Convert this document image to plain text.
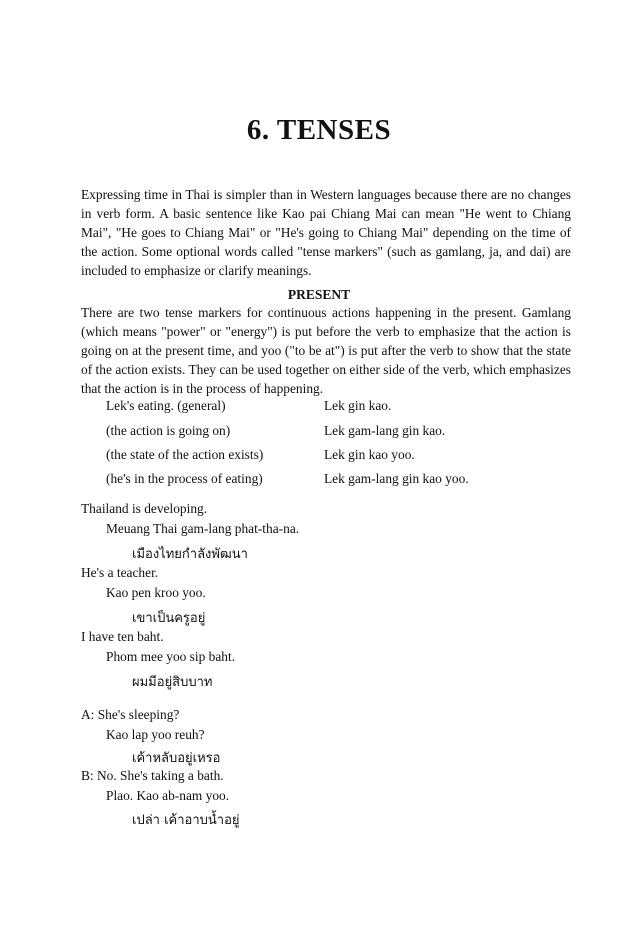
6. TENSES
Expressing time in Thai is simpler than in Western languages because there are no changes in verb form. A basic sentence like Kao pai Chiang Mai can mean "He went to Chiang Mai", "He goes to Chiang Mai" or "He's going to Chiang Mai" depending on the time of the action. Some optional words called "tense markers" (such as gamlang, ja, and dai) are included to emphasize or clarify meanings.
PRESENT
There are two tense markers for continuous actions happening in the present. Gamlang (which means "power" or "energy") is put before the verb to emphasize that the action is going on at the present time, and yoo ("to be at") is put after the verb to show that the state of the action exists. They can be used together on either side of the verb, which emphasizes that the action is in the process of happening.
Lek's eating. (general)	Lek gin kao.
(the action is going on)	Lek gam-lang gin kao.
(the state of the action exists)	Lek gin kao yoo.
(he's in the process of eating)	Lek gam-lang gin kao yoo.
Thailand is developing.
Meuang Thai gam-lang phat-tha-na.
เมืองไทยกำลังพัฒนา
He's a teacher.
Kao pen kroo yoo.
เขาเป็นครูอยู่
I have ten baht.
Phom mee yoo sip baht.
ผมมีอยู่สิบบาท
A: She's sleeping?
Kao lap yoo reuh?
เค้าหลับอยู่เหรอ
B: No. She's taking a bath.
Plao. Kao ab-nam yoo.
เปล่า เค้าอาบน้ำอยู่
